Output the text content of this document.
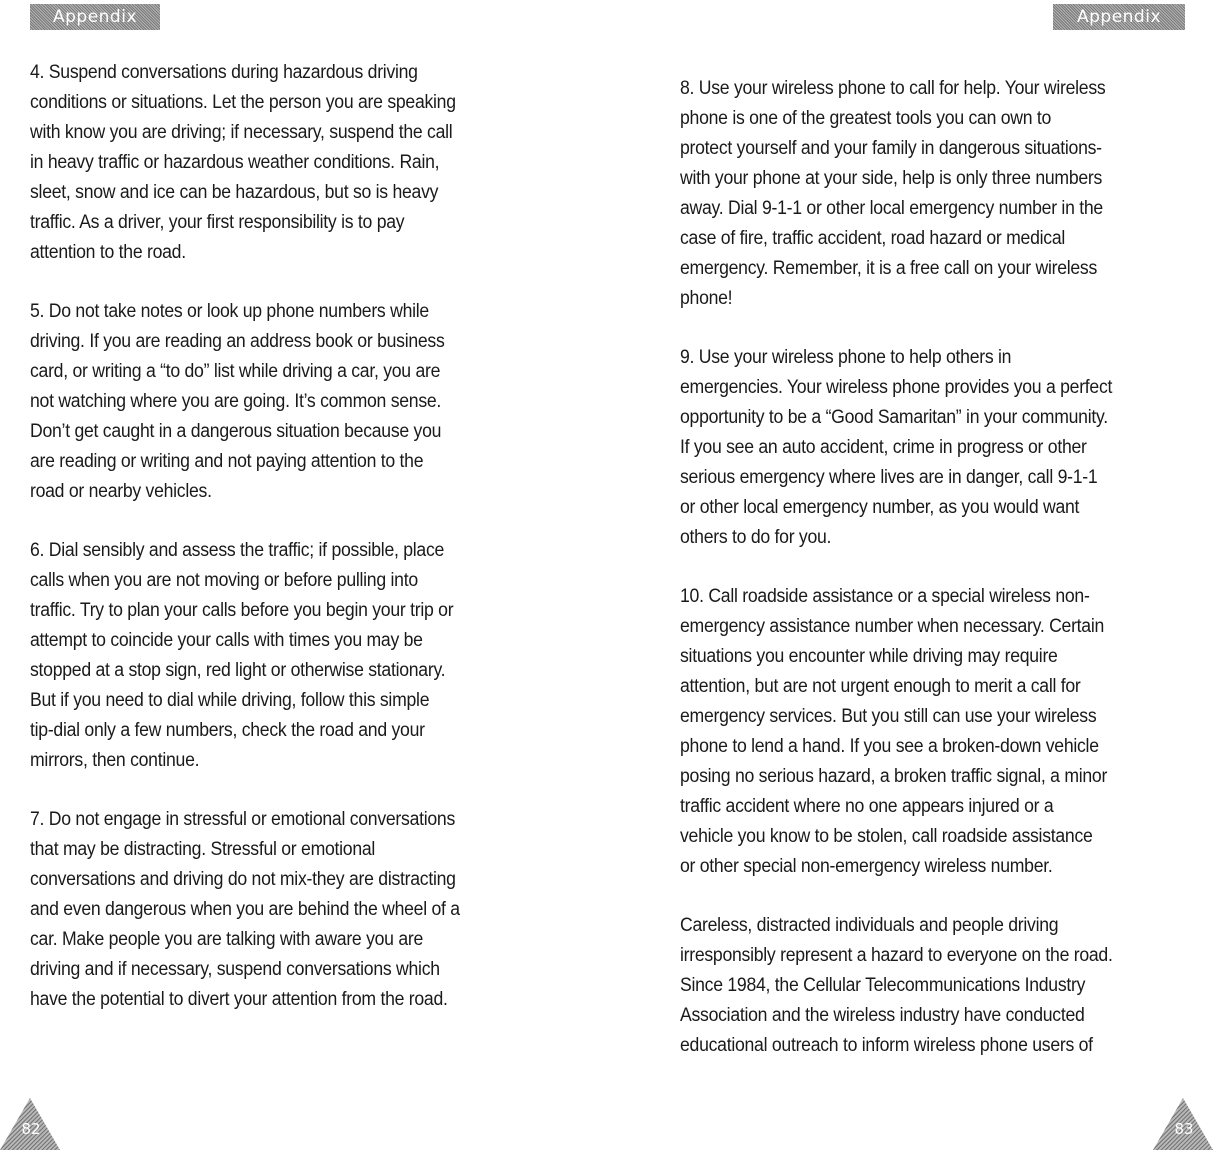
Appendix	Appendix
4. Suspend conversations during hazardous driving
conditions or situations. Let the person you are speaking
with know you are driving; if necessary, suspend the call
in heavy traffic or hazardous weather conditions. Rain,
sleet, snow and ice can be hazardous, but so is heavy
traffic. As a driver, your first responsibility is to pay
attention to the road.
5. Do not take notes or look up phone numbers while
driving. If you are reading an address book or business
card, or writing a “to do” list while driving a car, you are
not watching where you are going. It’s common sense.
Don’t get caught in a dangerous situation because you
are reading or writing and not paying attention to the
road or nearby vehicles.
6. Dial sensibly and assess the traffic; if possible, place
calls when you are not moving or before pulling into
traffic. Try to plan your calls before you begin your trip or
attempt to coincide your calls with times you may be
stopped at a stop sign, red light or otherwise stationary.
But if you need to dial while driving, follow this simple
tip-dial only a few numbers, check the road and your
mirrors, then continue.
7. Do not engage in stressful or emotional conversations
that may be distracting. Stressful or emotional
conversations and driving do not mix-they are distracting
and even dangerous when you are behind the wheel of a
car. Make people you are talking with aware you are
driving and if necessary, suspend conversations which
have the potential to divert your attention from the road.
8. Use your wireless phone to call for help. Your wireless
phone is one of the greatest tools you can own to
protect yourself and your family in dangerous situations-
with your phone at your side, help is only three numbers
away. Dial 9-1-1 or other local emergency number in the
case of fire, traffic accident, road hazard or medical
emergency. Remember, it is a free call on your wireless
phone!
9. Use your wireless phone to help others in
emergencies. Your wireless phone provides you a perfect
opportunity to be a “Good Samaritan” in your community.
If you see an auto accident, crime in progress or other
serious emergency where lives are in danger, call 9-1-1
or other local emergency number, as you would want
others to do for you.
10. Call roadside assistance or a special wireless non-
emergency assistance number when necessary. Certain
situations you encounter while driving may require
attention, but are not urgent enough to merit a call for
emergency services. But you still can use your wireless
phone to lend a hand. If you see a broken-down vehicle
posing no serious hazard, a broken traffic signal, a minor
traffic accident where no one appears injured or a
vehicle you know to be stolen, call roadside assistance
or other special non-emergency wireless number.
Careless, distracted individuals and people driving
irresponsibly represent a hazard to everyone on the road.
Since 1984, the Cellular Telecommunications Industry
Association and the wireless industry have conducted
educational outreach to inform wireless phone users of
82	83
